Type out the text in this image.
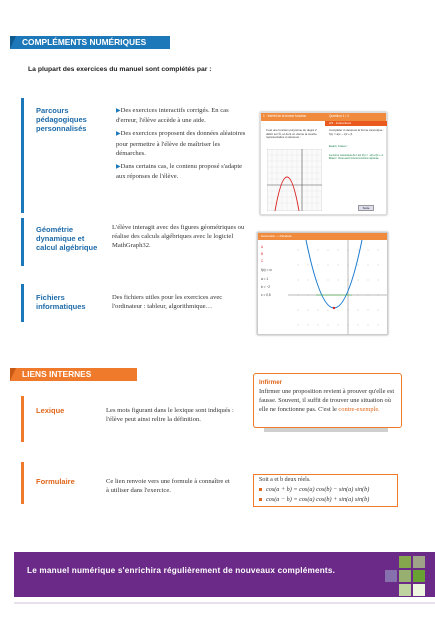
COMPLÉMENTS NUMÉRIQUES
La plupart des exercices du manuel sont complétés par :
Parcours
pédagogiques
personnalisés
▶Des exercices interactifs corrigés. En cas d'erreur, l'élève accède à une aide.
▶Des exercices proposent des données aléatoires pour permettre à l'élève de maîtriser les démarches.
▶Dans certains cas, le contenu proposé s'adapte aux réponses de l'élève.
1 · Intérêt de la bonne fonction	Question 1 / 4
2/3 · Instructions
Il est une fonction polynôme du degré 2 défini sur ℝ, et dont on donne la courbe représentative ci-dessous :
Compléter ci-dessous la forme canonique : f(x) = a(x − α)² + β
Exact, bravo !
La forme canonique de f est f(x) = −2(x+3)² + 4. Bravo ! Vous avez trouvé la bonne réponse.
Suite
Géométrie
dynamique et
calcul algébrique
L'élève interagit avec des figures géométriques ou réalise des calculs algébriques avec le logiciel MathGraph32.
Fichiers
informatiques
Des fichiers utiles pour les exercices avec l'ordinateur : tableur, algorithmique…
Géométrie — Parabole
A
B
C
f(x) = x²
a = 1
b = −2
c = 0,5
LIENS INTERNES
Lexique	Les mots figurant dans le lexique sont indiqués : l'élève peut ainsi relire la définition.
Infirmer
Infirmer une proposition revient à prouver qu'elle est fausse. Souvent, il suffit de trouver une situation où elle ne fonctionne pas. C'est le contre-exemple.
Formulaire	Ce lien renvoie vers une formule à connaître et à utiliser dans l'exercice.
Soit a et b deux réels.
cos(a + b) = cos(a) cos(b) − sin(a) sin(b)
cos(a − b) = cos(a) cos(b) + sin(a) sin(b)
Le manuel numérique s'enrichira régulièrement de nouveaux compléments.
